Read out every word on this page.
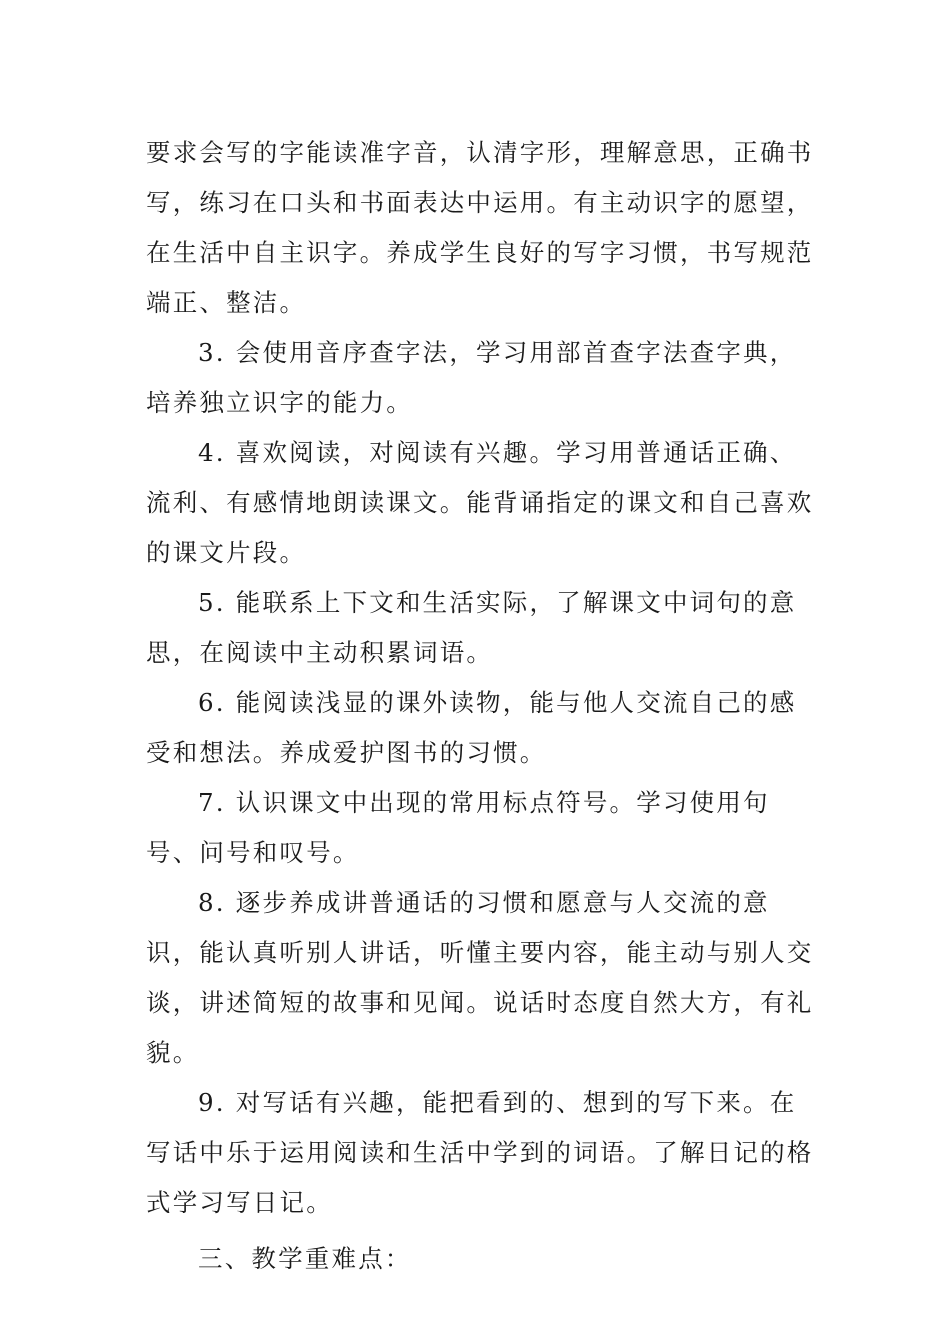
要求会写的字能读准字音，认清字形，理解意思，正确书写，练习在口头和书面表达中运用。有主动识字的愿望，在生活中自主识字。养成学生良好的写字习惯，书写规范端正、整洁。

3. 会使用音序查字法，学习用部首查字法查字典，培养独立识字的能力。

4. 喜欢阅读，对阅读有兴趣。学习用普通话正确、流利、有感情地朗读课文。能背诵指定的课文和自己喜欢的课文片段。

5. 能联系上下文和生活实际，了解课文中词句的意思，在阅读中主动积累词语。

6. 能阅读浅显的课外读物，能与他人交流自己的感受和想法。养成爱护图书的习惯。

7. 认识课文中出现的常用标点符号。学习使用句号、问号和叹号。

8. 逐步养成讲普通话的习惯和愿意与人交流的意识，能认真听别人讲话，听懂主要内容，能主动与别人交谈，讲述简短的故事和见闻。说话时态度自然大方，有礼貌。

9. 对写话有兴趣，能把看到的、想到的写下来。在写话中乐于运用阅读和生活中学到的词语。了解日记的格式学习写日记。

三、教学重难点：
